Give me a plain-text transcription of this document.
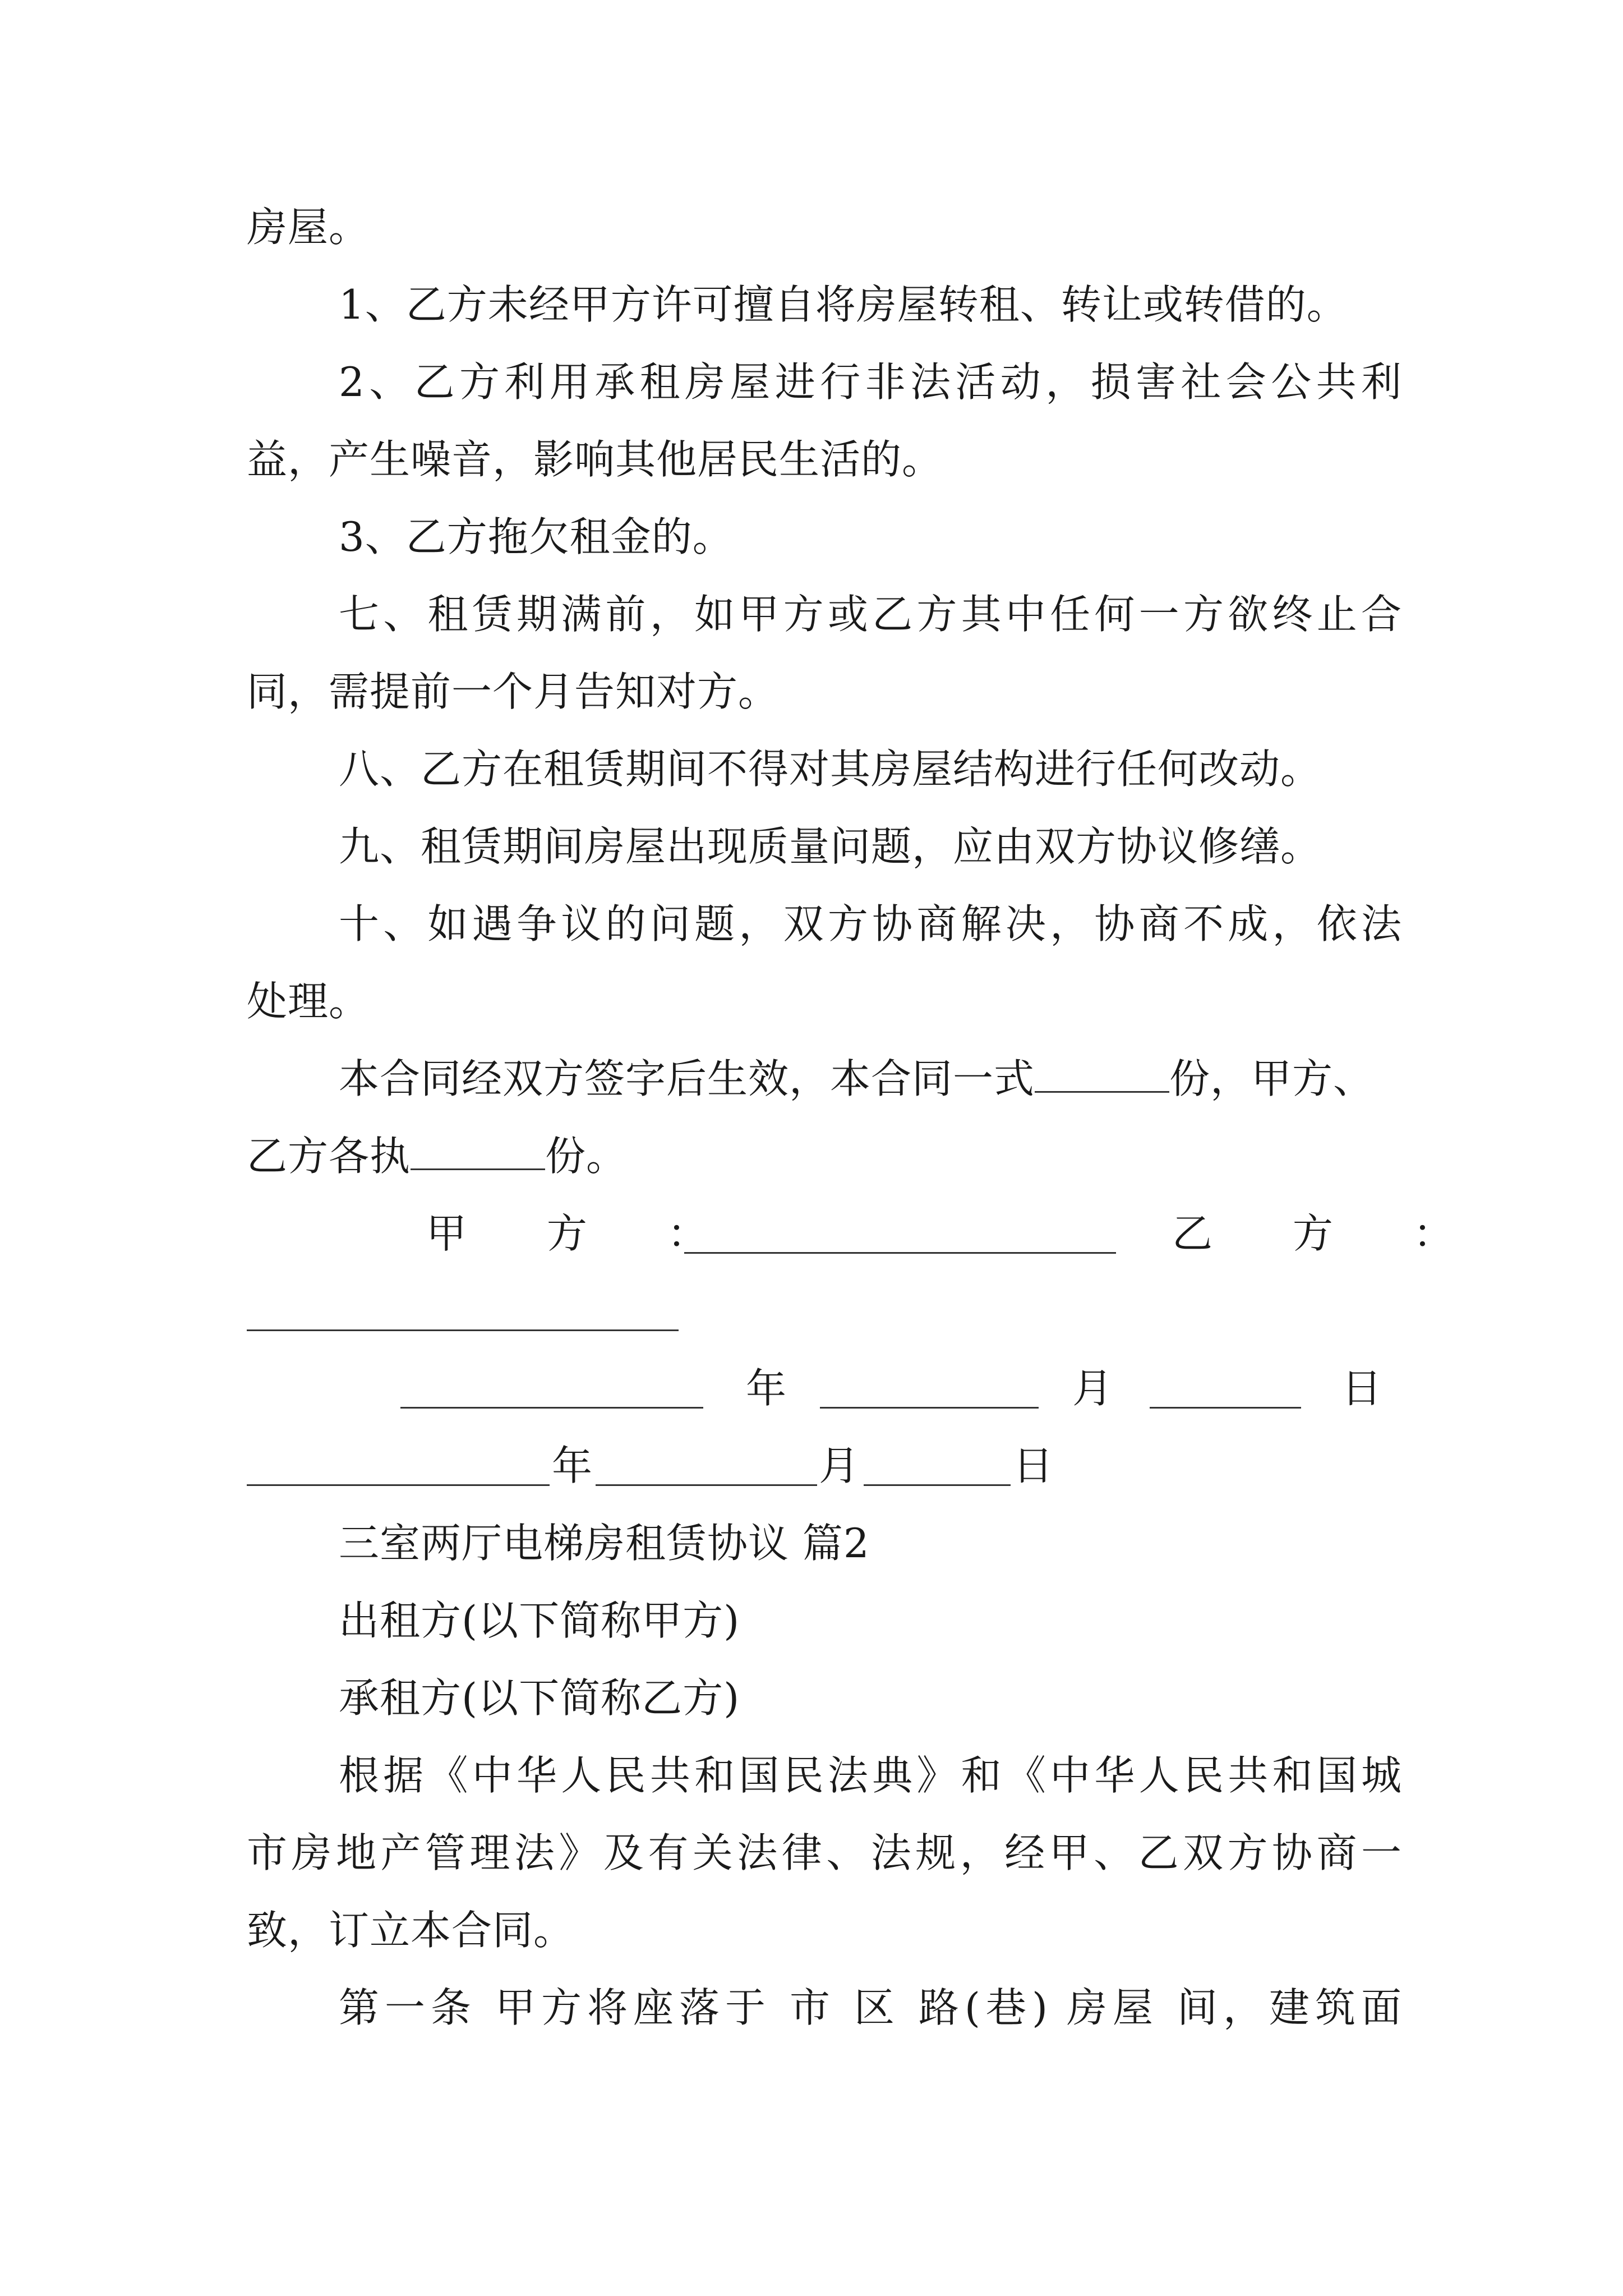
房屋。
1、乙方未经甲方许可擅自将房屋转租、转让或转借的。
2、乙方利用承租房屋进行非法活动，损害社会公共利
益，产生噪音，影响其他居民生活的。
3、乙方拖欠租金的。
七、租赁期满前，如甲方或乙方其中任何一方欲终止合
同，需提前一个月告知对方。
八、乙方在租赁期间不得对其房屋结构进行任何改动。
九、租赁期间房屋出现质量问题，应由双方协议修缮。
十、如遇争议的问题，双方协商解决，协商不成，依法
处理。
本合同经双方签字后生效，本合同一式	份，甲方、
乙方各执	份。
甲 方 ：	乙 方 ：
年	月	日
年	月	日
三室两厅电梯房租赁协议 篇2
出租方(以下简称甲方)
承租方(以下简称乙方)
根据《中华人民共和国民法典》和《中华人民共和国城
市房地产管理法》及有关法律、法规，经甲、乙双方协商一
致，订立本合同。
第一条 甲方将座落于 市 区 路(巷) 房屋 间，建筑面
